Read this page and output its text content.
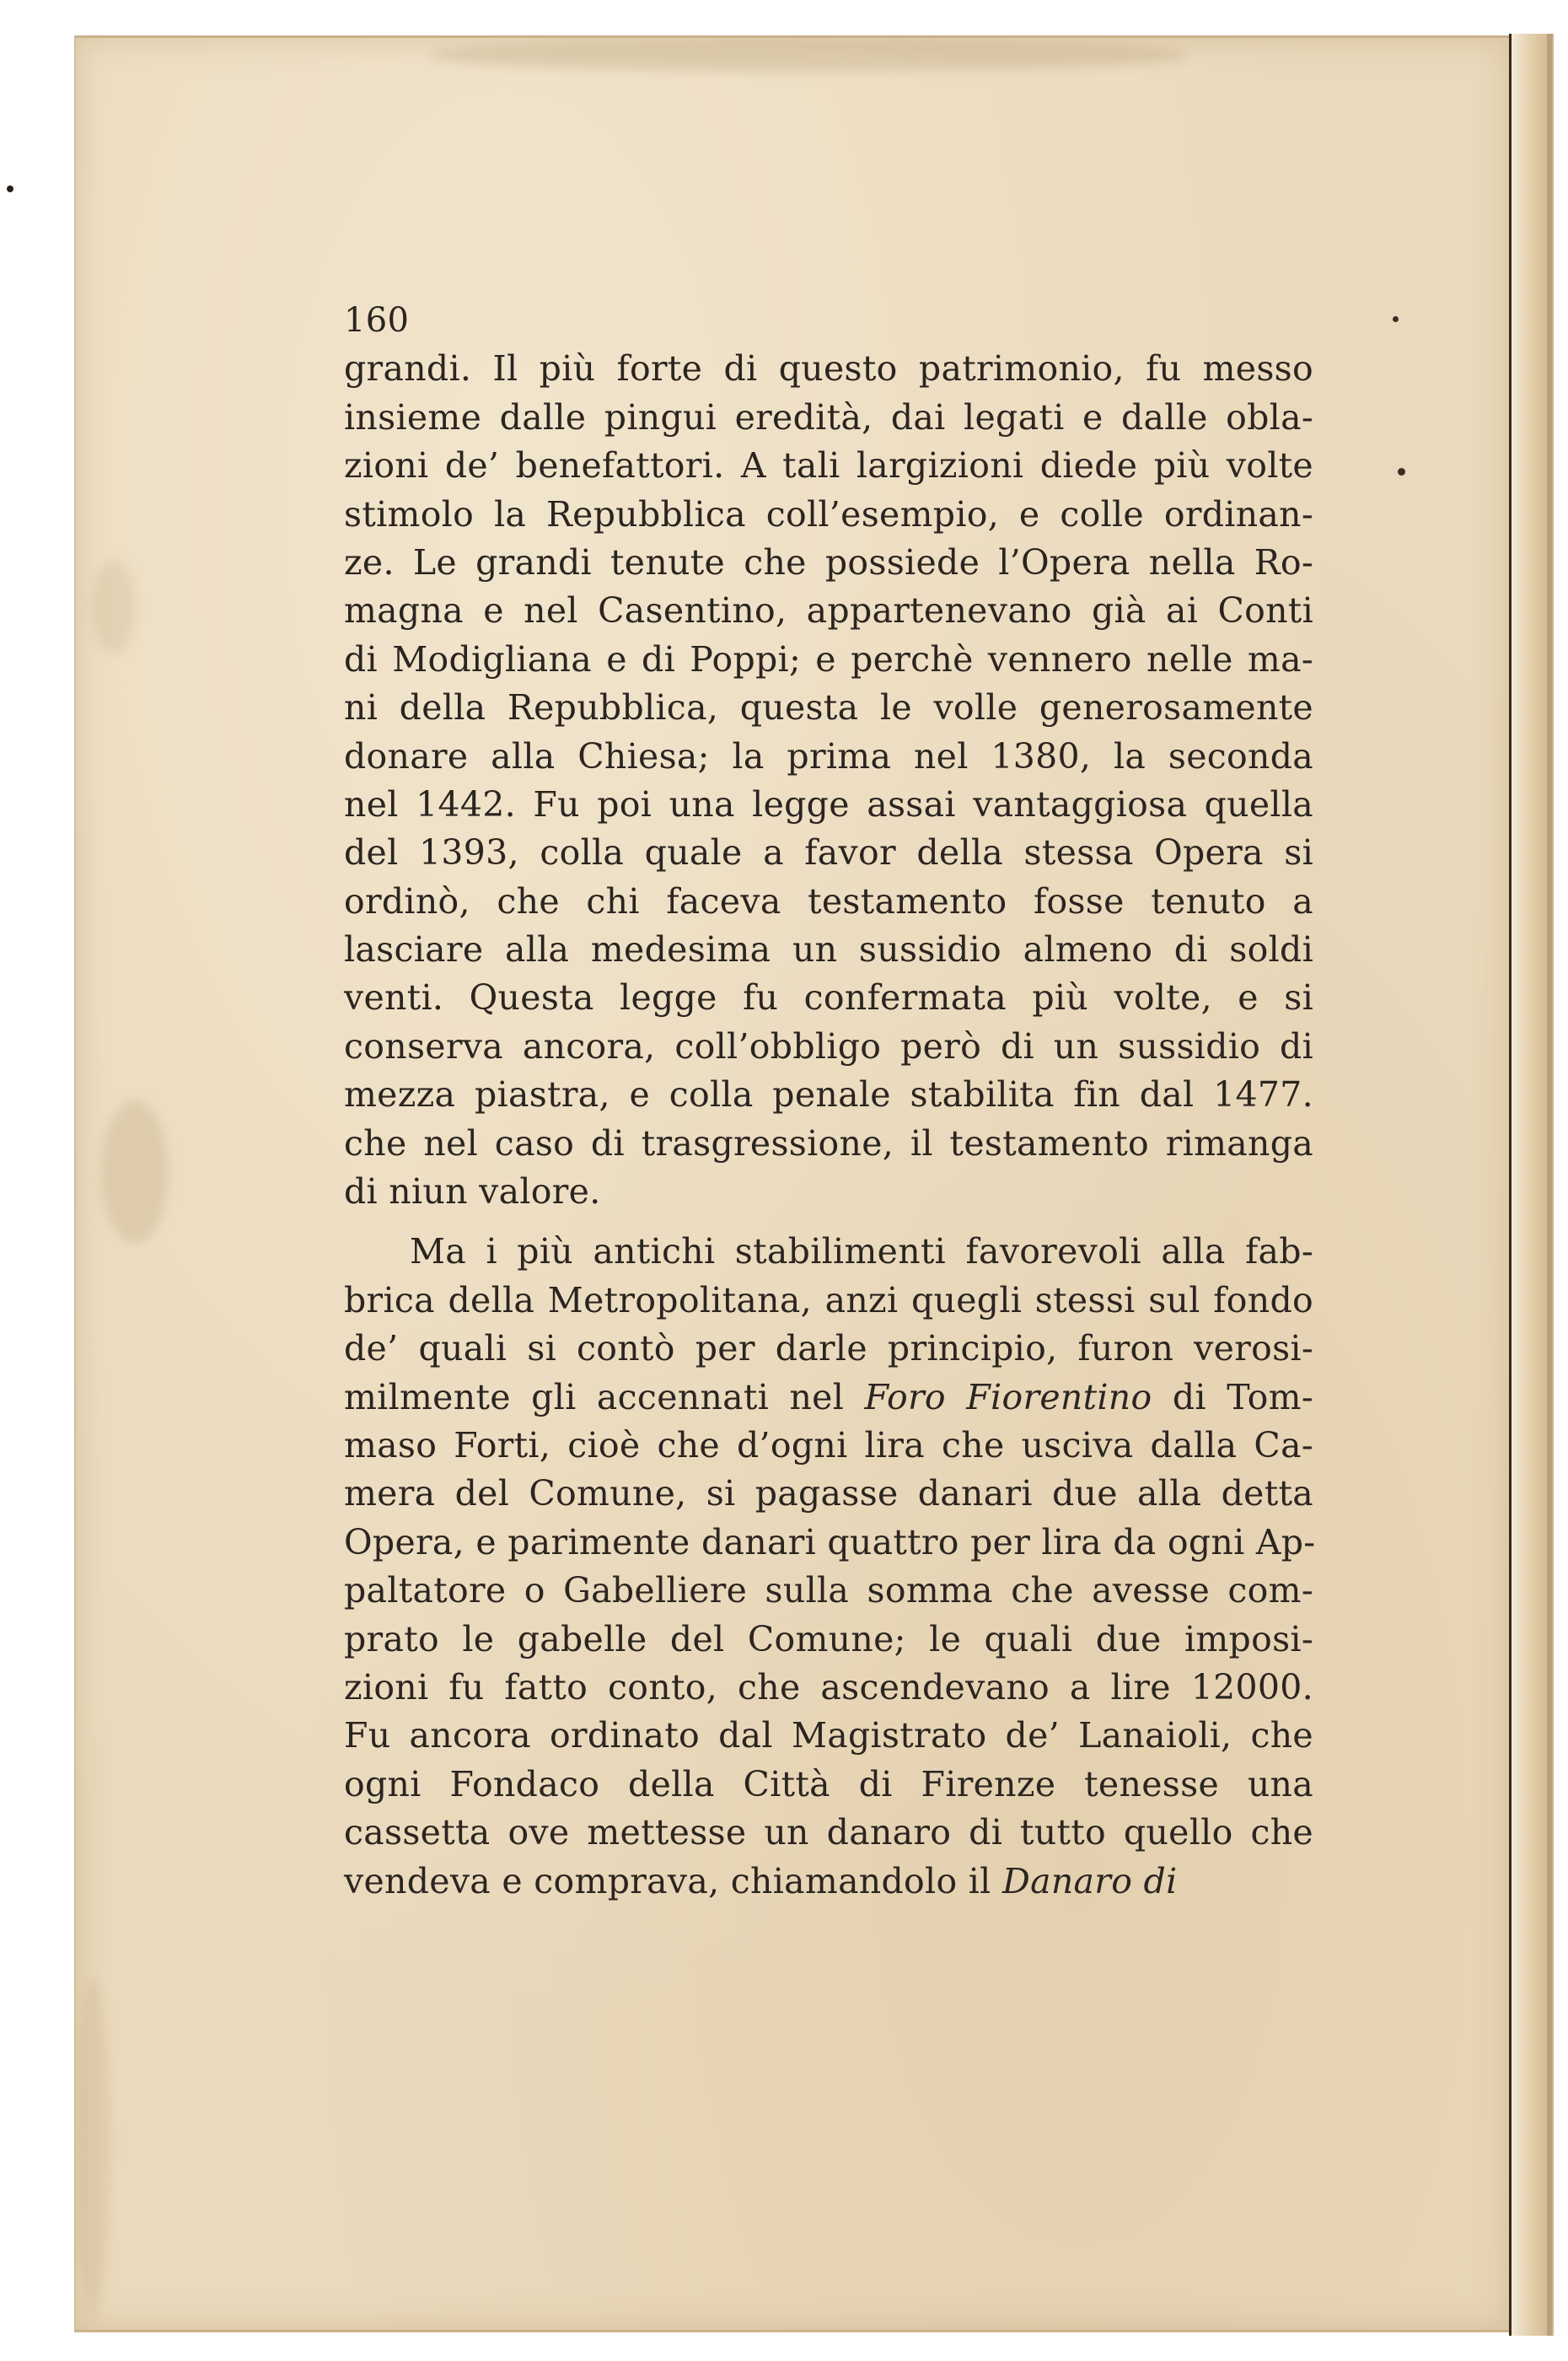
160
grandi. Il più forte di questo patrimonio, fu messo
insieme dalle pingui eredità, dai legati e dalle obla-
zioni de’ benefattori. A tali largizioni diede più volte
stimolo la Repubblica coll’esempio, e colle ordinan-
ze. Le grandi tenute che possiede l’Opera nella Ro-
magna e nel Casentino, appartenevano già ai Conti
di Modigliana e di Poppi; e perchè vennero nelle ma-
ni della Repubblica, questa le volle generosamente
donare alla Chiesa; la prima nel 1380, la seconda
nel 1442. Fu poi una legge assai vantaggiosa quella
del 1393, colla quale a favor della stessa Opera si
ordinò, che chi faceva testamento fosse tenuto a
lasciare alla medesima un sussidio almeno di soldi
venti. Questa legge fu confermata più volte, e si
conserva ancora, coll’obbligo però di un sussidio di
mezza piastra, e colla penale stabilita fin dal 1477.
che nel caso di trasgressione, il testamento rimanga
di niun valore.
Ma i più antichi stabilimenti favorevoli alla fab-
brica della Metropolitana, anzi quegli stessi sul fondo
de’ quali si contò per darle principio, furon verosi-
milmente gli accennati nel Foro Fiorentino di Tom-
maso Forti, cioè che d’ogni lira che usciva dalla Ca-
mera del Comune, si pagasse danari due alla detta
Opera, e parimente danari quattro per lira da ogni Ap-
paltatore o Gabelliere sulla somma che avesse com-
prato le gabelle del Comune; le quali due imposi-
zioni fu fatto conto, che ascendevano a lire 12000.
Fu ancora ordinato dal Magistrato de’ Lanaioli, che
ogni Fondaco della Città di Firenze tenesse una
cassetta ove mettesse un danaro di tutto quello che
vendeva e comprava, chiamandolo il Danaro di
